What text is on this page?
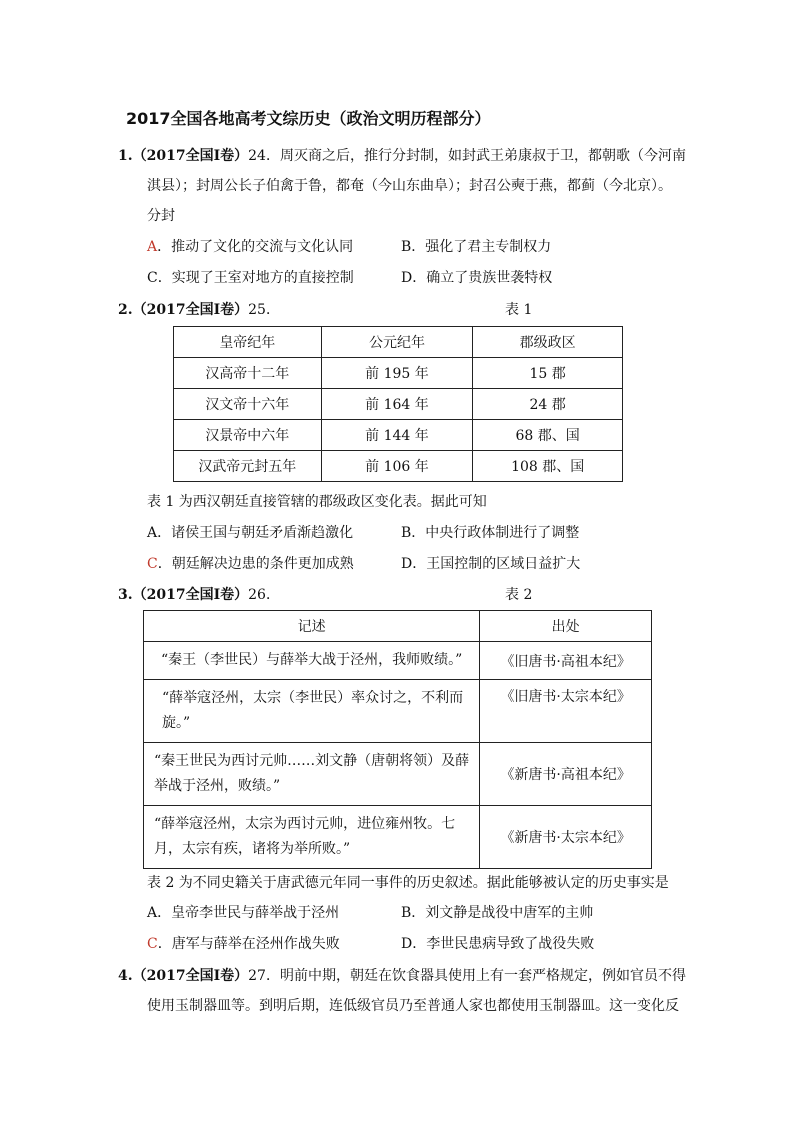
2017全国各地高考文综历史（政治文明历程部分）
1.（2017全国Ⅰ卷）24．周灭商之后，推行分封制，如封武王弟康叔于卫，都朝歌（今河南
淇县）；封周公长子伯禽于鲁，都奄（今山东曲阜）；封召公奭于燕，都蓟（今北京）。
分封
A．推动了文化的交流与文化认同	B．强化了君主专制权力
C．实现了王室对地方的直接控制	D．确立了贵族世袭特权
2.（2017全国Ⅰ卷）25．	表 1
皇帝纪年	公元纪年	郡级政区
汉高帝十二年	前 195 年	15 郡
汉文帝十六年	前 164 年	24 郡
汉景帝中六年	前 144 年	68 郡、国
汉武帝元封五年	前 106 年	108 郡、国
表 1 为西汉朝廷直接管辖的郡级政区变化表。据此可知
A．诸侯王国与朝廷矛盾渐趋激化	B．中央行政体制进行了调整
C．朝廷解决边患的条件更加成熟	D．王国控制的区域日益扩大
3.（2017全国Ⅰ卷）26．	表 2
记述	出处
“秦王（李世民）与薛举大战于泾州，我师败绩。”	《旧唐书·高祖本纪》
“薛举寇泾州，太宗（李世民）率众讨之，不利而旋。”	《旧唐书·太宗本纪》
“秦王世民为西讨元帅……刘文静（唐朝将领）及薛举战于泾州，败绩。”	《新唐书·高祖本纪》
“薛举寇泾州，太宗为西讨元帅，进位雍州牧。七月，太宗有疾，诸将为举所败。”	《新唐书·太宗本纪》
表 2 为不同史籍关于唐武德元年同一事件的历史叙述。据此能够被认定的历史事实是
A．皇帝李世民与薛举战于泾州	B．刘文静是战役中唐军的主帅
C．唐军与薛举在泾州作战失败	D．李世民患病导致了战役失败
4.（2017全国Ⅰ卷）27．明前中期，朝廷在饮食器具使用上有一套严格规定，例如官员不得
使用玉制器皿等。到明后期，连低级官员乃至普通人家也都使用玉制器皿。这一变化反
